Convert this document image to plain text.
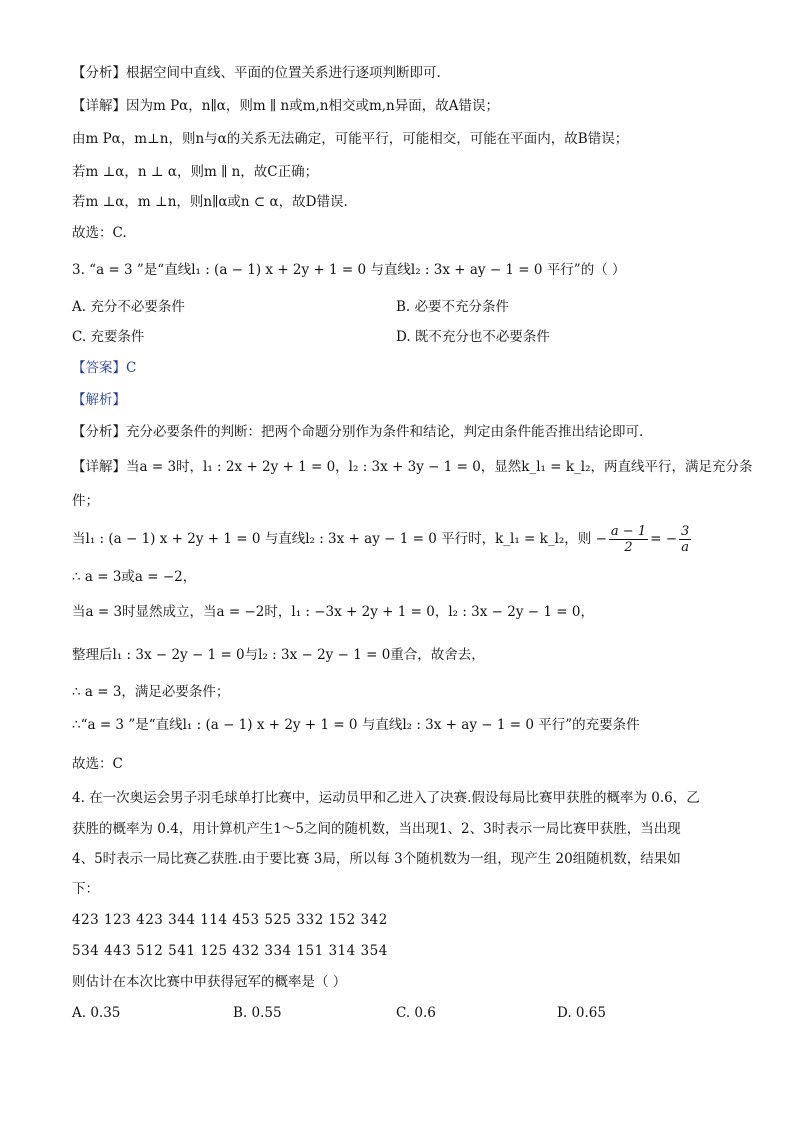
【分析】根据空间中直线、平面的位置关系进行逐项判断即可.
【详解】因为m Pα，n∥α，则m ∥ n或m,n相交或m,n异面，故A错误；
由m Pα，m⊥n，则n与α的关系无法确定，可能平行，可能相交，可能在平面内，故B错误；
若m ⊥α，n ⊥ α，则m ∥ n，故C正确；
若m ⊥α，m ⊥n，则n∥α或n ⊂ α，故D错误.
故选：C.
3. “a = 3 ”是“直线l₁ : (a − 1) x + 2y + 1 = 0 与直线l₂ : 3x + ay − 1 = 0 平行”的（ ）
A. 充分不必要条件	B. 必要不充分条件
C. 充要条件	D. 既不充分也不必要条件
【答案】C
【解析】
【分析】充分必要条件的判断：把两个命题分别作为条件和结论，判定由条件能否推出结论即可.
【详解】当a = 3时，l₁ : 2x + 2y + 1 = 0，l₂ : 3x + 3y − 1 = 0，显然k_l₁ = k_l₂，两直线平行，满足充分条
件；
当l₁ : (a − 1) x + 2y + 1 = 0 与直线l₂ : 3x + ay − 1 = 0 平行时，k_l₁ = k_l₂，则 − $\frac{a - 1}{2}$ = − $\frac{3}{a}$
∴ a = 3或a = −2，
当a = 3时显然成立，当a = −2时，l₁ : −3x + 2y + 1 = 0，l₂ : 3x − 2y − 1 = 0，
整理后l₁ : 3x − 2y − 1 = 0与l₂ : 3x − 2y − 1 = 0重合，故舍去，
∴ a = 3，满足必要条件；
∴“a = 3 ”是“直线l₁ : (a − 1) x + 2y + 1 = 0 与直线l₂ : 3x + ay − 1 = 0 平行”的充要条件
故选：C
4. 在一次奥运会男子羽毛球单打比赛中，运动员甲和乙进入了决赛.假设每局比赛甲获胜的概率为 0.6，乙
获胜的概率为 0.4，用计算机产生1～5之间的随机数，当出现1、2、3时表示一局比赛甲获胜，当出现
4、5时表示一局比赛乙获胜.由于要比赛 3局，所以每 3个随机数为一组，现产生 20组随机数，结果如
下：
423 123 423 344 114 453 525 332 152 342
534 443 512 541 125 432 334 151 314 354
则估计在本次比赛中甲获得冠军的概率是（ ）
A. 0.35	B. 0.55	C. 0.6	D. 0.65
